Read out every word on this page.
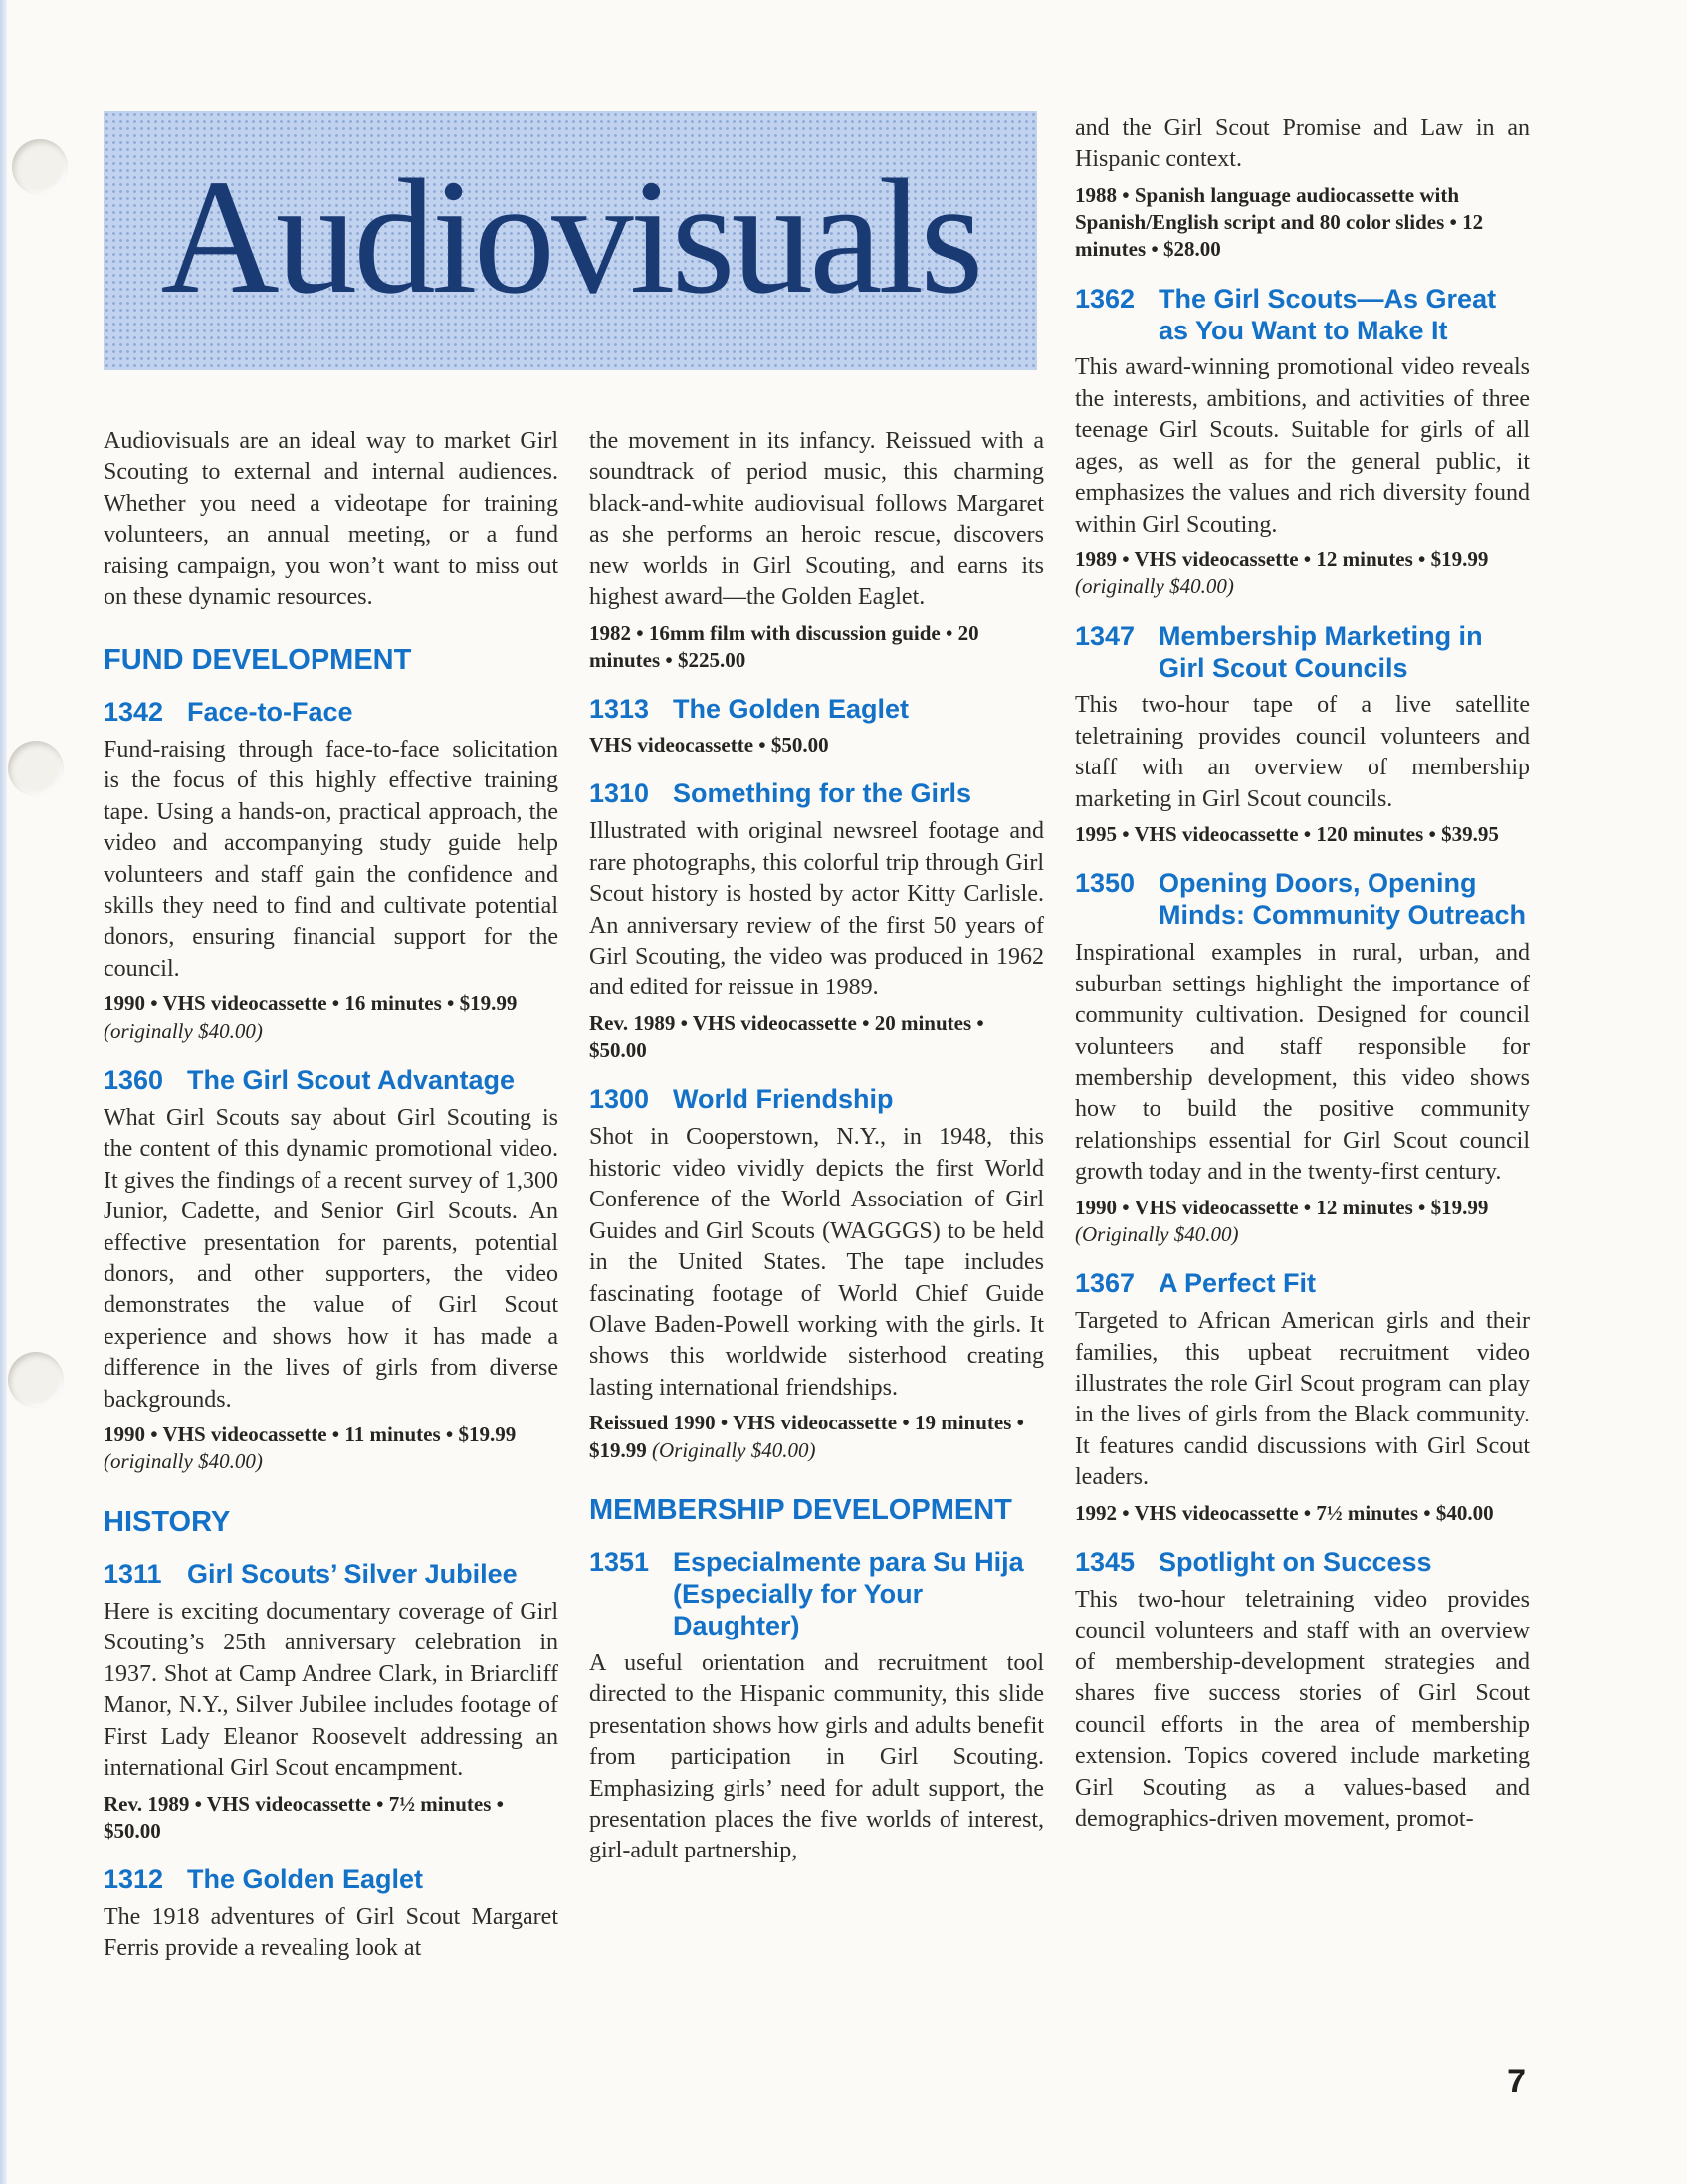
Audiovisuals

Audiovisuals are an ideal way to market Girl Scouting to external and internal audiences. Whether you need a videotape for training volunteers, an annual meeting, or a fund raising campaign, you won’t want to miss out on these dynamic resources.

FUND DEVELOPMENT
1342 Face-to-Face

Fund-raising through face-to-face solicitation is the focus of this highly effective training tape. Using a hands-on, practical approach, the video and accompanying study guide help volunteers and staff gain the confidence and skills they need to find and cultivate potential donors, ensuring financial support for the council.

1990 • VHS videocassette • 16 minutes • $19.99 (originally $40.00)

1360 The Girl Scout Advantage

What Girl Scouts say about Girl Scouting is the content of this dynamic promotional video. It gives the findings of a recent survey of 1,300 Junior, Cadette, and Senior Girl Scouts. An effective presentation for parents, potential donors, and other supporters, the video demonstrates the value of Girl Scout experience and shows how it has made a difference in the lives of girls from diverse backgrounds.

1990 • VHS videocassette • 11 minutes • $19.99 (originally $40.00)

HISTORY
1311 Girl Scouts’ Silver Jubilee

Here is exciting documentary coverage of Girl Scouting’s 25th anniversary celebration in 1937. Shot at Camp Andree Clark, in Briarcliff Manor, N.Y., Silver Jubilee includes footage of First Lady Eleanor Roosevelt addressing an international Girl Scout encampment.

Rev. 1989 • VHS videocassette • 7½ minutes • $50.00

1312 The Golden Eaglet

The 1918 adventures of Girl Scout Margaret Ferris provide a revealing look at

the movement in its infancy. Reissued with a soundtrack of period music, this charming black-and-white audiovisual follows Margaret as she performs an heroic rescue, discovers new worlds in Girl Scouting, and earns its highest award—the Golden Eaglet.

1982 • 16mm film with discussion guide • 20 minutes • $225.00

1313 The Golden Eaglet

VHS videocassette • $50.00

1310 Something for the Girls

Illustrated with original newsreel footage and rare photographs, this colorful trip through Girl Scout history is hosted by actor Kitty Carlisle. An anniversary review of the first 50 years of Girl Scouting, the video was produced in 1962 and edited for reissue in 1989.

Rev. 1989 • VHS videocassette • 20 minutes • $50.00

1300 World Friendship

Shot in Cooperstown, N.Y., in 1948, this historic video vividly depicts the first World Conference of the World Association of Girl Guides and Girl Scouts (WAGGGS) to be held in the United States. The tape includes fascinating footage of World Chief Guide Olave Baden-Powell working with the girls. It shows this worldwide sisterhood creating lasting international friendships.

Reissued 1990 • VHS videocassette • 19 minutes • $19.99 (Originally $40.00)

MEMBERSHIP DEVELOPMENT
1351 Especialmente para Su Hija (Especially for Your Daughter)

A useful orientation and recruitment tool directed to the Hispanic community, this slide presentation shows how girls and adults benefit from participation in Girl Scouting. Emphasizing girls’ need for adult support, the presentation places the five worlds of interest, girl-adult partnership,

and the Girl Scout Promise and Law in an Hispanic context.

1988 • Spanish language audiocassette with Spanish/English script and 80 color slides • 12 minutes • $28.00

1362 The Girl Scouts—As Great as You Want to Make It

This award-winning promotional video reveals the interests, ambitions, and activities of three teenage Girl Scouts. Suitable for girls of all ages, as well as for the general public, it emphasizes the values and rich diversity found within Girl Scouting.

1989 • VHS videocassette • 12 minutes • $19.99 (originally $40.00)

1347 Membership Marketing in Girl Scout Councils

This two-hour tape of a live satellite teletraining provides council volunteers and staff with an overview of membership marketing in Girl Scout councils.

1995 • VHS videocassette • 120 minutes • $39.95

1350 Opening Doors, Opening Minds: Community Outreach

Inspirational examples in rural, urban, and suburban settings highlight the importance of community cultivation. Designed for council volunteers and staff responsible for membership development, this video shows how to build the positive community relationships essential for Girl Scout council growth today and in the twenty-first century.

1990 • VHS videocassette • 12 minutes • $19.99 (Originally $40.00)

1367 A Perfect Fit

Targeted to African American girls and their families, this upbeat recruitment video illustrates the role Girl Scout program can play in the lives of girls from the Black community. It features candid discussions with Girl Scout leaders.

1992 • VHS videocassette • 7½ minutes • $40.00

1345 Spotlight on Success

This two-hour teletraining video provides council volunteers and staff with an overview of membership-development strategies and shares five success stories of Girl Scout council efforts in the area of membership extension. Topics covered include marketing Girl Scouting as a values-based and demographics-driven movement, promot-

7
